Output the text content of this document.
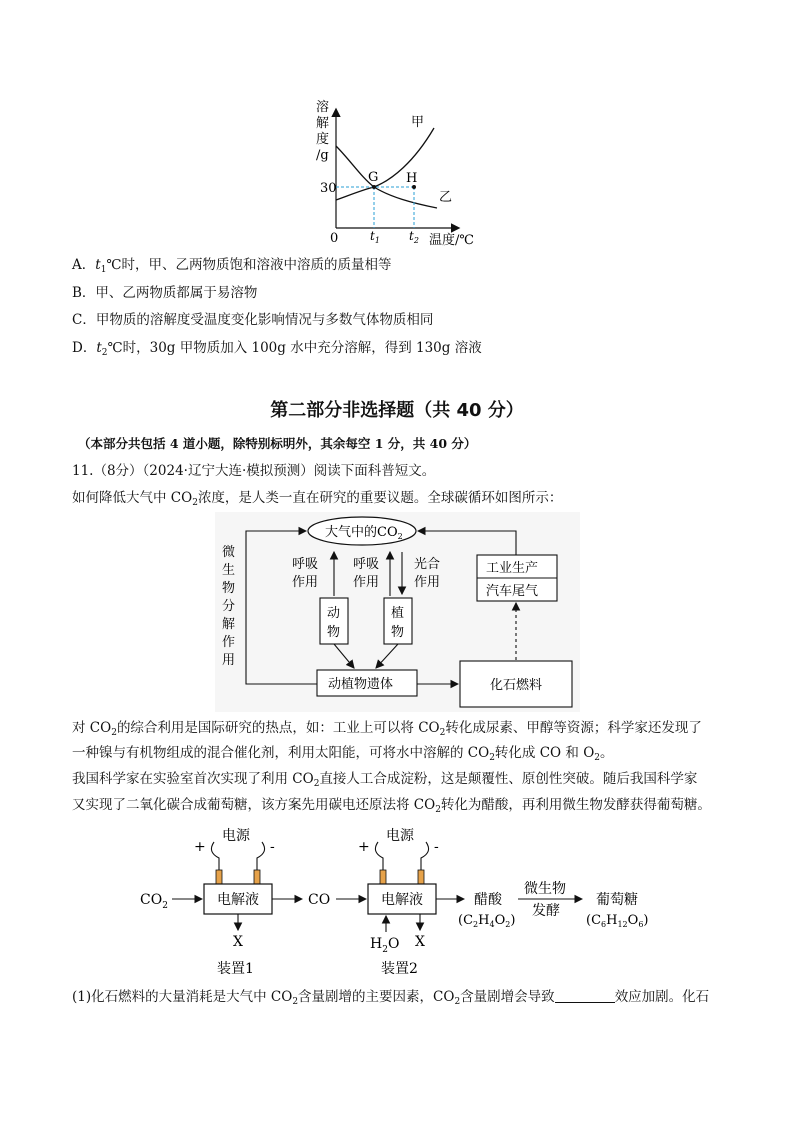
溶
解
度
/g
30
0	温度/℃
$t_1$ $t_2$
G H
甲
乙
A．$t_1℃$时，甲、乙两物质饱和溶液中溶质的质量相等
B．甲、乙两物质都属于易溶物
C．甲物质的溶解度受温度变化影响情况与多数气体物质相同
D．$t_2℃$时，30g 甲物质加入 100g 水中充分溶解，得到 130g 溶液
第二部分非选择题（共 40 分）
（本部分共包括 4 道小题，除特别标明外，其余每空 1 分，共 40 分）
11.（8分）（2024·辽宁大连·模拟预测）阅读下面科普短文。
如何降低大气中 $CO_2$浓度，是人类一直在研究的重要议题。全球碳循环如图所示：
大气中的$CO_2$
微
生
物
分
解
作
用
呼吸
作用
呼吸
作用
光合
作用
动
物
植
物
动植物遗体	化石燃料
工业生产
汽车尾气
对 $CO_2$的综合利用是国际研究的热点，如：工业上可以将 $CO_2$转化成尿素、甲醇等资源；科学家还发现了
一种镍与有机物组成的混合催化剂，利用太阳能，可将水中溶解的 $CO_2$转化成 CO 和 $O_2$。
我国科学家在实验室首次实现了利用 $CO_2$直接人工合成淀粉，这是颠覆性、原创性突破。随后我国科学家
又实现了二氧化碳合成葡萄糖，该方案先用碳电还原法将 $CO_2$转化为醋酸，再利用微生物发酵获得葡萄糖。
$CO_2$
电源
+	-
电解液
X
装置1
CO
电源
+	-
电解液
$H_2O$ X
装置2
醋酸
$(C_2H_4O_2)$
微生物
发酵
葡萄糖
$(C_6H_{12}O_6)$
(1)化石燃料的大量消耗是大气中 $CO_2$含量剧增的主要因素，$CO_2$含量剧增会导致	效应加剧。化石
